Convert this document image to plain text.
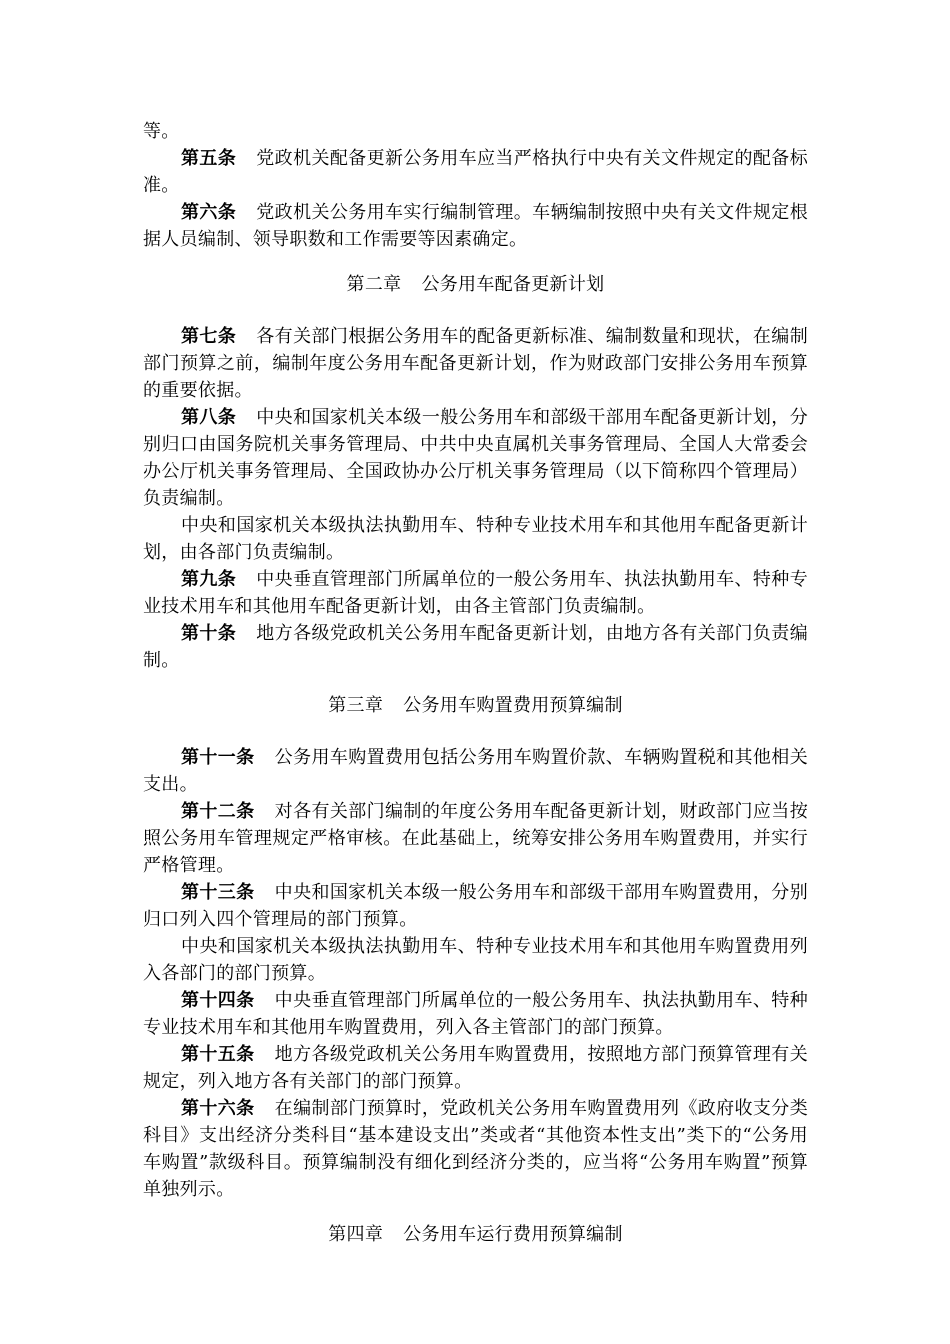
等。

第五条 党政机关配备更新公务用车应当严格执行中央有关文件规定的配备标准。

第六条 党政机关公务用车实行编制管理。车辆编制按照中央有关文件规定根据人员编制、领导职数和工作需要等因素确定。

第二章 公务用车配备更新计划

第七条 各有关部门根据公务用车的配备更新标准、编制数量和现状，在编制部门预算之前，编制年度公务用车配备更新计划，作为财政部门安排公务用车预算的重要依据。

第八条 中央和国家机关本级一般公务用车和部级干部用车配备更新计划，分别归口由国务院机关事务管理局、中共中央直属机关事务管理局、全国人大常委会办公厅机关事务管理局、全国政协办公厅机关事务管理局（以下简称四个管理局）负责编制。

中央和国家机关本级执法执勤用车、特种专业技术用车和其他用车配备更新计划，由各部门负责编制。

第九条 中央垂直管理部门所属单位的一般公务用车、执法执勤用车、特种专业技术用车和其他用车配备更新计划，由各主管部门负责编制。

第十条 地方各级党政机关公务用车配备更新计划，由地方各有关部门负责编制。

第三章 公务用车购置费用预算编制

第十一条 公务用车购置费用包括公务用车购置价款、车辆购置税和其他相关支出。

第十二条 对各有关部门编制的年度公务用车配备更新计划，财政部门应当按照公务用车管理规定严格审核。在此基础上，统筹安排公务用车购置费用，并实行严格管理。

第十三条 中央和国家机关本级一般公务用车和部级干部用车购置费用，分别归口列入四个管理局的部门预算。

中央和国家机关本级执法执勤用车、特种专业技术用车和其他用车购置费用列入各部门的部门预算。

第十四条 中央垂直管理部门所属单位的一般公务用车、执法执勤用车、特种专业技术用车和其他用车购置费用，列入各主管部门的部门预算。

第十五条 地方各级党政机关公务用车购置费用，按照地方部门预算管理有关规定，列入地方各有关部门的部门预算。

第十六条 在编制部门预算时，党政机关公务用车购置费用列《政府收支分类科目》支出经济分类科目“基本建设支出”类或者“其他资本性支出”类下的“公务用车购置”款级科目。预算编制没有细化到经济分类的，应当将“公务用车购置”预算单独列示。

第四章 公务用车运行费用预算编制
